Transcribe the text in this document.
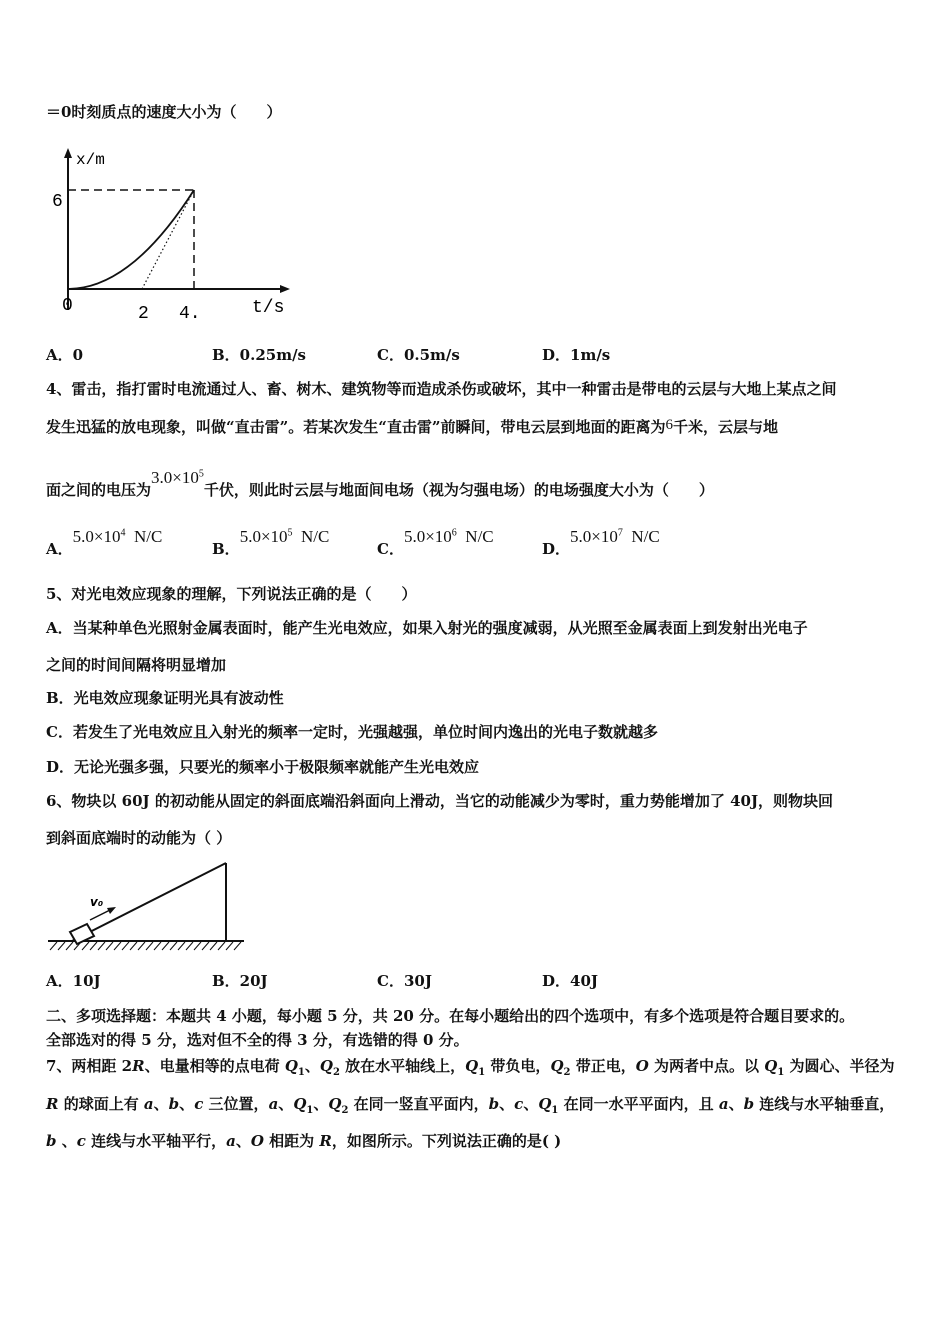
＝0时刻质点的速度大小为（　　）
x/m
6
0	2 4.	t/s
A．0	B．0.25m/s	C．0.5m/s	D．1m/s
4、雷击，指打雷时电流通过人、畜、树木、建筑物等而造成杀伤或破坏，其中一种雷击是带电的云层与大地上某点之间
发生迅猛的放电现象，叫做“直击雷”。若某次发生“直击雷”前瞬间，带电云层到地面的距离为6千米，云层与地
面之间的电压为$3.0\times 10^5$千伏，则此时云层与地面间电场（视为匀强电场）的电场强度大小为（　　）
A．$5.0\times 10^4$ N/C
B．$5.0\times 10^5$ N/C
C．$5.0\times 10^6$ N/C
D．$5.0\times 10^7$ N/C
5、对光电效应现象的理解，下列说法正确的是（　　）
A．当某种单色光照射金属表面时，能产生光电效应，如果入射光的强度减弱，从光照至金属表面上到发射出光电子
之间的时间间隔将明显增加
B．光电效应现象证明光具有波动性
C．若发生了光电效应且入射光的频率一定时，光强越强，单位时间内逸出的光电子数就越多
D．无论光强多强，只要光的频率小于极限频率就能产生光电效应
6、物块以 60J 的初动能从固定的斜面底端沿斜面向上滑动，当它的动能减少为零时，重力势能增加了 40J，则物块回
到斜面底端时的动能为（ ）
v₀
A．10J	B．20J	C．30J	D．40J
二、多项选择题：本题共 4 小题，每小题 5 分，共 20 分。在每小题给出的四个选项中，有多个选项是符合题目要求的。
全部选对的得 5 分，选对但不全的得 3 分，有选错的得 0 分。
7、两相距 2R、电量相等的点电荷 $Q_1$、$Q_2$ 放在水平轴线上，$Q_1$ 带负电，$Q_2$ 带正电，O 为两者中点。以 $Q_1$ 为圆心、半径为
R 的球面上有 a、b、c 三位置，a、$Q_1$、$Q_2$ 在同一竖直平面内，b、c、$Q_1$ 在同一水平平面内，且 a、b 连线与水平轴垂直，
b 、c 连线与水平轴平行，a、O 相距为 R，如图所示。下列说法正确的是( )
